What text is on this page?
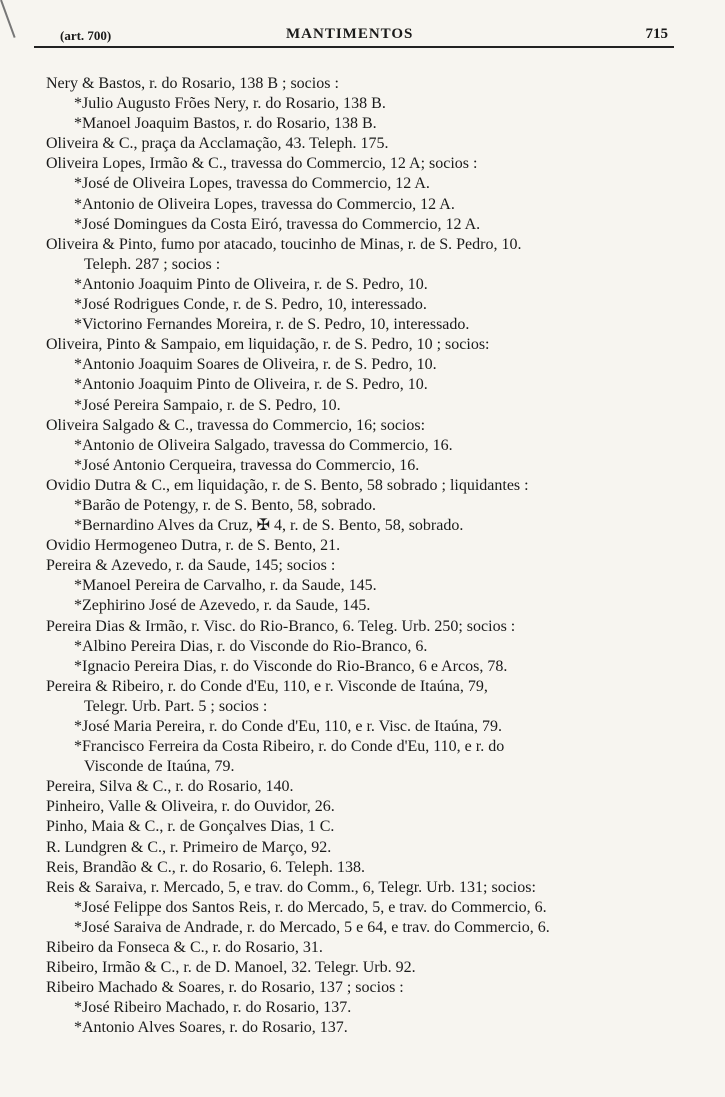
(art. 700)	MANTIMENTOS	715
Nery & Bastos, r. do Rosario, 138 B ; socios :
*Julio Augusto Frões Nery, r. do Rosario, 138 B.
*Manoel Joaquim Bastos, r. do Rosario, 138 B.
Oliveira & C., praça da Acclamação, 43. Teleph. 175.
Oliveira Lopes, Irmão & C., travessa do Commercio, 12 A; socios :
*José de Oliveira Lopes, travessa do Commercio, 12 A.
*Antonio de Oliveira Lopes, travessa do Commercio, 12 A.
*José Domingues da Costa Eiró, travessa do Commercio, 12 A.
Oliveira & Pinto, fumo por atacado, toucinho de Minas, r. de S. Pedro, 10.
Teleph. 287 ; socios :
*Antonio Joaquim Pinto de Oliveira, r. de S. Pedro, 10.
*José Rodrigues Conde, r. de S. Pedro, 10, interessado.
*Victorino Fernandes Moreira, r. de S. Pedro, 10, interessado.
Oliveira, Pinto & Sampaio, em liquidação, r. de S. Pedro, 10 ; socios:
*Antonio Joaquim Soares de Oliveira, r. de S. Pedro, 10.
*Antonio Joaquim Pinto de Oliveira, r. de S. Pedro, 10.
*José Pereira Sampaio, r. de S. Pedro, 10.
Oliveira Salgado & C., travessa do Commercio, 16; socios:
*Antonio de Oliveira Salgado, travessa do Commercio, 16.
*José Antonio Cerqueira, travessa do Commercio, 16.
Ovidio Dutra & C., em liquidação, r. de S. Bento, 58 sobrado ; liquidantes :
*Barão de Potengy, r. de S. Bento, 58, sobrado.
*Bernardino Alves da Cruz, ✠ 4, r. de S. Bento, 58, sobrado.
Ovidio Hermogeneo Dutra, r. de S. Bento, 21.
Pereira & Azevedo, r. da Saude, 145; socios :
*Manoel Pereira de Carvalho, r. da Saude, 145.
*Zephirino José de Azevedo, r. da Saude, 145.
Pereira Dias & Irmão, r. Visc. do Rio-Branco, 6. Teleg. Urb. 250; socios :
*Albino Pereira Dias, r. do Visconde do Rio-Branco, 6.
*Ignacio Pereira Dias, r. do Visconde do Rio-Branco, 6 e Arcos, 78.
Pereira & Ribeiro, r. do Conde d'Eu, 110, e r. Visconde de Itaúna, 79,
Telegr. Urb. Part. 5 ; socios :
*José Maria Pereira, r. do Conde d'Eu, 110, e r. Visc. de Itaúna, 79.
*Francisco Ferreira da Costa Ribeiro, r. do Conde d'Eu, 110, e r. do
Visconde de Itaúna, 79.
Pereira, Silva & C., r. do Rosario, 140.
Pinheiro, Valle & Oliveira, r. do Ouvidor, 26.
Pinho, Maia & C., r. de Gonçalves Dias, 1 C.
R. Lundgren & C., r. Primeiro de Março, 92.
Reis, Brandão & C., r. do Rosario, 6. Teleph. 138.
Reis & Saraiva, r. Mercado, 5, e trav. do Comm., 6, Telegr. Urb. 131; socios:
*José Felippe dos Santos Reis, r. do Mercado, 5, e trav. do Commercio, 6.
*José Saraiva de Andrade, r. do Mercado, 5 e 64, e trav. do Commercio, 6.
Ribeiro da Fonseca & C., r. do Rosario, 31.
Ribeiro, Irmão & C., r. de D. Manoel, 32. Telegr. Urb. 92.
Ribeiro Machado & Soares, r. do Rosario, 137 ; socios :
*José Ribeiro Machado, r. do Rosario, 137.
*Antonio Alves Soares, r. do Rosario, 137.
